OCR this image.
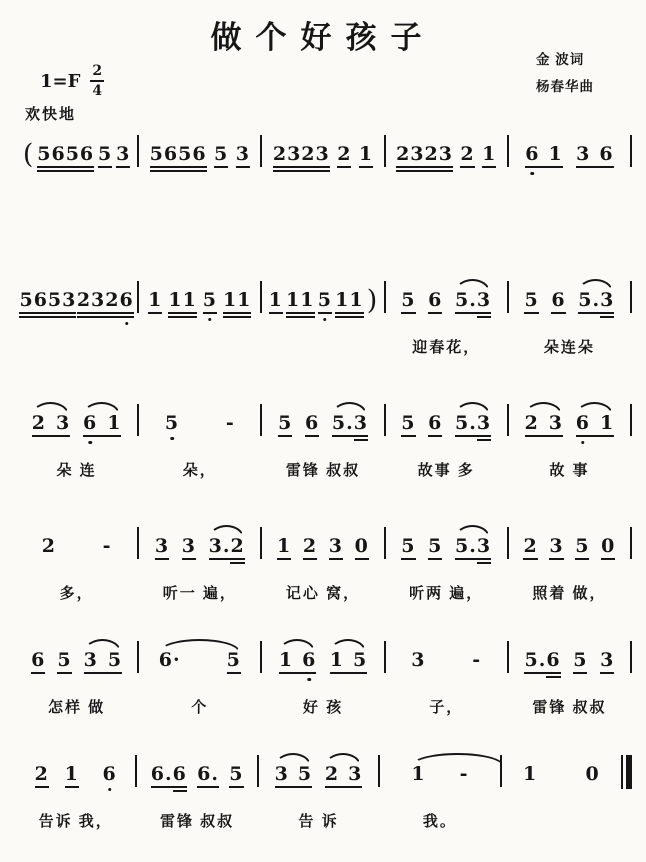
做个好孩子
金 波词
杨春华曲
$1=F \frac{2}{4}$
欢快地
( 5656 5 3 5656 5 3 2323 2 1 2323 2 1 6 1 3 6
5653 232 6 1 11 5 11 1 11 5 11 ) 5 6 5. 3
迎春花，
5 6 5. 3
朵连朵
2 3 6 1
朵 连
5 -
朵，
5 6 5. 3
雷锋 叔叔
5 6 5. 3
故事 多
2 3 6 1
故 事
2 -
多，
3 3 3. 2
听一 遍，
1 2 3 0
记心 窝，
5 5 5. 3
听两 遍，
2 3 5 0
照着 做，
6 5 3 5
怎样 做
6· 5
个
1 6 1 5
好 孩
3 -
子，
5. 6 5 3
雷锋 叔叔
2 1 6
告诉 我，
6. 6 6. 5
雷锋 叔叔
3 5 2 3
告 诉
1 -
我。
1	0
